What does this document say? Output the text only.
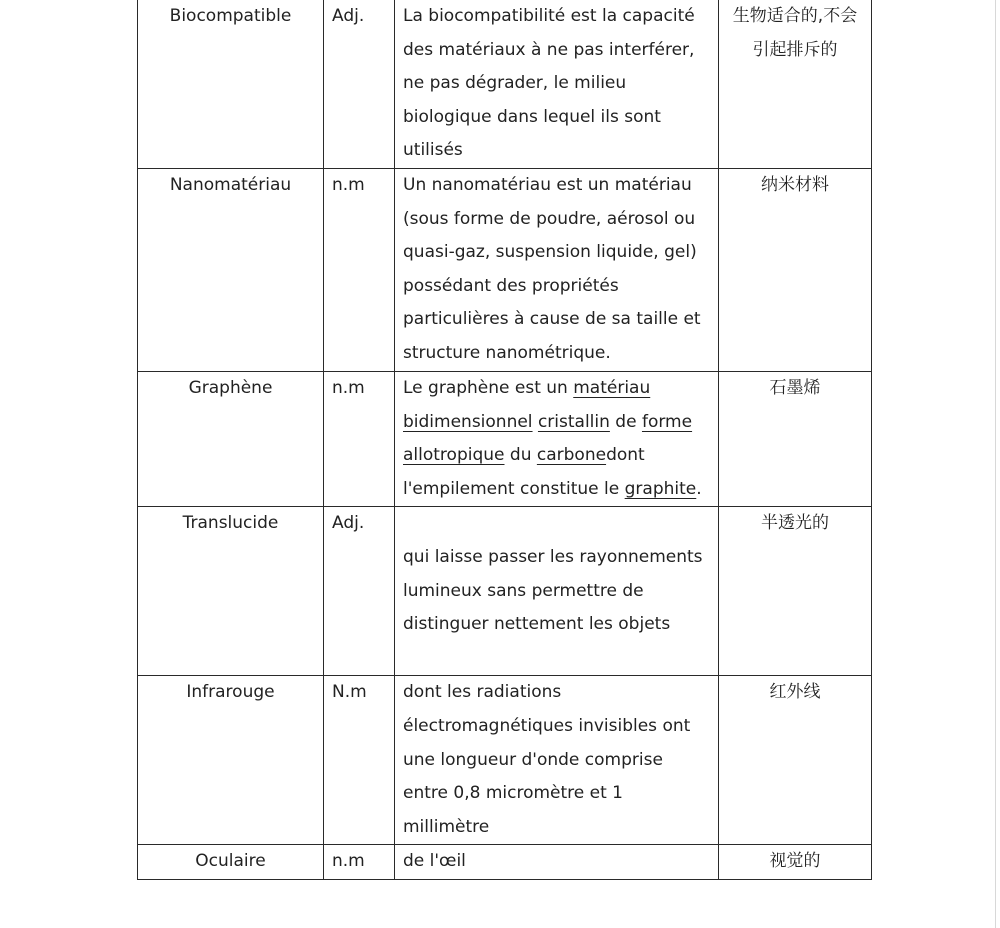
Biocompatible	Adj.	La biocompatibilité est la capacité des matériaux à ne pas interférer, ne pas dégrader, le milieu biologique dans lequel ils sont utilisés	生物适合的,不会引起排斥的
Nanomatériau	n.m	Un nanomatériau est un matériau (sous forme de poudre, aérosol ou quasi-gaz, suspension liquide, gel) possédant des propriétés particulières à cause de sa taille et structure nanométrique.	纳米材料
Graphène	n.m	Le graphène est un matériau bidimensionnel cristallin de forme allotropique du carbonedont l'empilement constitue le graphite.	石墨烯
Translucide	Adj.	qui laisse passer les rayonnements lumineux sans permettre de distinguer nettement les objets	半透光的
Infrarouge	N.m	dont les radiations électromagnétiques invisibles ont une longueur d'onde comprise entre 0,8 micromètre et 1 millimètre	红外线
Oculaire	n.m	de l'œil	视觉的
